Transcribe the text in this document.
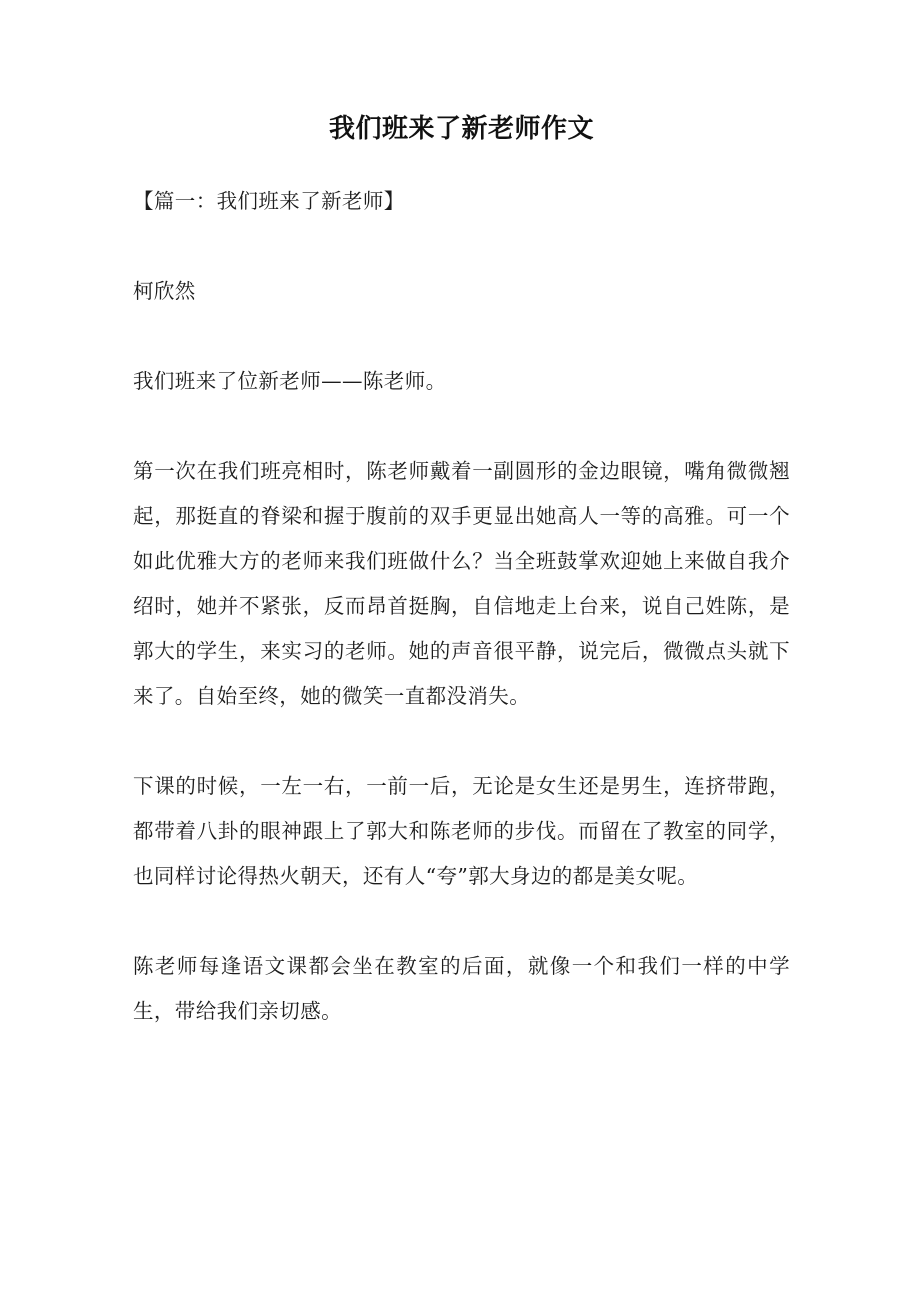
我们班来了新老师作文

【篇一：我们班来了新老师】

柯欣然

我们班来了位新老师——陈老师。

第一次在我们班亮相时，陈老师戴着一副圆形的金边眼镜，嘴角微微翘起，那挺直的脊梁和握于腹前的双手更显出她高人一等的高雅。可一个如此优雅大方的老师来我们班做什么？当全班鼓掌欢迎她上来做自我介绍时，她并不紧张，反而昂首挺胸，自信地走上台来，说自己姓陈，是郭大的学生，来实习的老师。她的声音很平静，说完后，微微点头就下来了。自始至终，她的微笑一直都没消失。

下课的时候，一左一右，一前一后，无论是女生还是男生，连挤带跑，都带着八卦的眼神跟上了郭大和陈老师的步伐。而留在了教室的同学，也同样讨论得热火朝天，还有人“夸”郭大身边的都是美女呢。

陈老师每逢语文课都会坐在教室的后面，就像一个和我们一样的中学生，带给我们亲切感。
